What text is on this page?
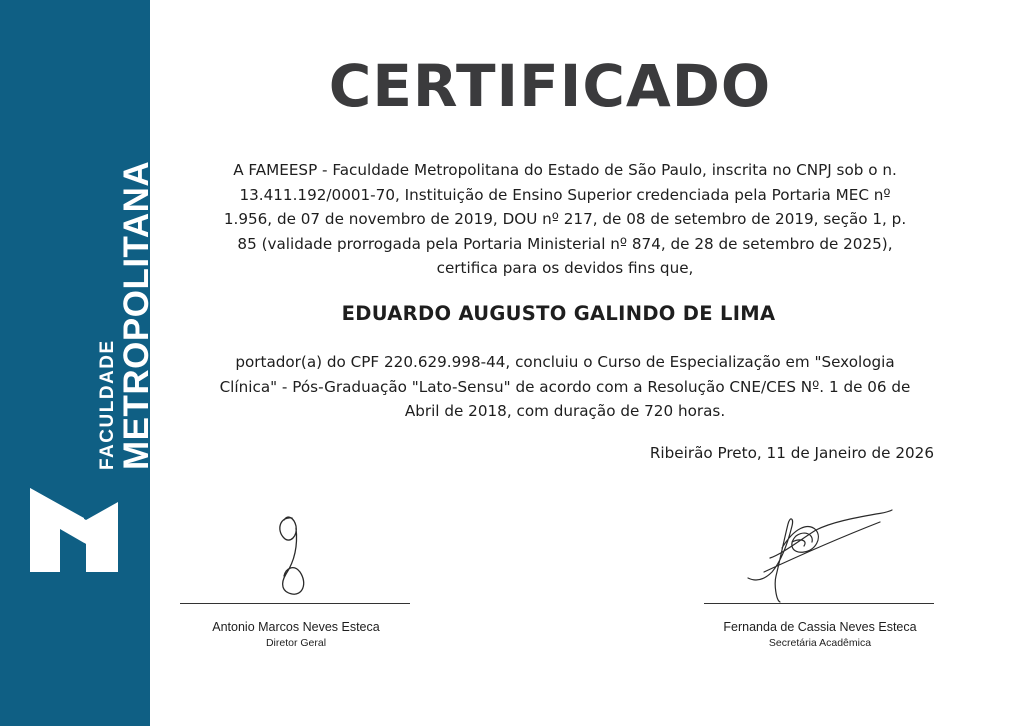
FACULDADE METROPOLITANA
CERTIFICADO
A FAMEESP - Faculdade Metropolitana do Estado de São Paulo, inscrita no CNPJ sob o n.
13.411.192/0001-70, Instituição de Ensino Superior credenciada pela Portaria MEC nº
1.956, de 07 de novembro de 2019, DOU nº 217, de 08 de setembro de 2019, seção 1, p.
85 (validade prorrogada pela Portaria Ministerial nº 874, de 28 de setembro de 2025),
certifica para os devidos fins que,
EDUARDO AUGUSTO GALINDO DE LIMA
portador(a) do CPF 220.629.998-44, concluiu o Curso de Especialização em "Sexologia
Clínica" - Pós-Graduação "Lato-Sensu" de acordo com a Resolução CNE/CES Nº. 1 de 06 de
Abril de 2018, com duração de 720 horas.
Ribeirão Preto, 11 de Janeiro de 2026
Antonio Marcos Neves Esteca
Diretor Geral
Fernanda de Cassia Neves Esteca
Secretária Acadêmica
